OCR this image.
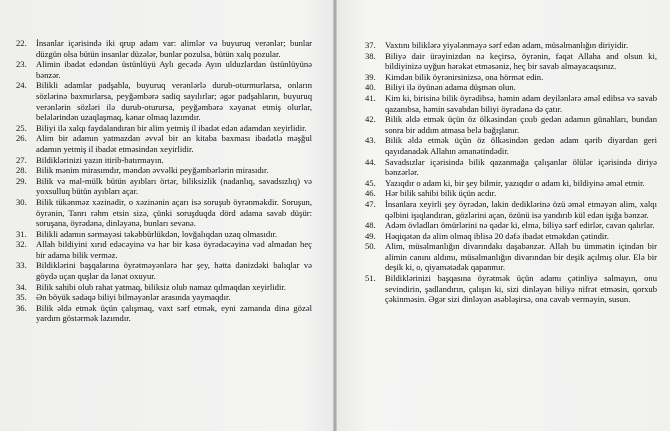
22. İnsanlar içərisində iki qrup adam var: alimlər və buyuruq verənlər; bunlar düzgün olsa bütün insanlar düzələr, bunlar pozulsa, bütün xalq pozular.

23. Alimin ibadət edəndən üstünlüyü Aylı gecədə Ayın ulduzlardan üstünlüyünə bənzər.

24. Bilikli adamlar padşahla, buyuruq verənlərlə durub-oturmurlarsa, onların sözlərinə baxmırlarsa, peyğəmbərə sadiq sayılırlar; əgər padşahların, buyuruq verənlərin sözləri ilə durub-oturursa, peyğəmbərə xəyanət etmiş olurlar, belələrindən uzaqlaşmaq, kənar olmaq lazımdır.

25. Biliyi ilə xalqı faydalandıran bir alim yetmiş il ibadət edən adamdan xeyirlidir.

26. Alim bir adamın yatmazdan əvvəl bir an kitaba baxması ibadətlə məşğul adamın yetmiş il ibadət etməsindən xeyirlidir.

27. Bildiklərinizi yazın itirib-batırmayın.

28. Bilik mənim mirasımdır, məndən əvvəlki peyğəmbərlərin mirasıdır.

29. Bilik və mal-mülk bütün ayıbları örtər, biliksizlik (nadanlıq, savadsızlıq) və yoxsulluq bütün ayıbları açar.

30. Bilik tükənməz xəzinədir, o xəzinənin açarı isə soruşub öyrənməkdir. Soruşun, öyrənin, Tanrı rəhm etsin sizə, çünki soruşduqda dörd adama savab düşür: soruşana, öyrədənə, dinləyənə, bunları sevənə.

31. Bilikli adamın sərmayəsi təkəbbürlükdən, lovğalıqdan uzaq olmasıdır.

32. Allah bildiyini xırıd edəcəyinə və hər bir kəsə öyrədəcəyinə vəd almadan heç bir adama bilik verməz.

33. Bildiklərini başqalarına öyrətməyənlərə hər şey, hətta dənizdəki balıqlar və göydə uçan quşlar da lənət oxuyur.

34. Bilik sahibi olub rahat yatmaq, biliksiz olub namaz qılmaqdan xeyirlidir.

35. Ən böyük sədəqə biliyi bilməyənlər arasında yaymaqdır.

36. Bilik əldə etmək üçün çalışmaq, vaxt sərf etmək, eyni zamanda dinə gözəl yardım göstərmək lazımdır.

37. Vaxtını biliklərə yiyələnməyə sərf edən adam, müsəlmanlığın diriyidir.

38. Biliyə dair ürəyinizdən nə keçirsə, öyrənin, fəqət Allaha and olsun ki, bildiyinizə uyğun hərəkət etməsəniz, heç bir savab almayacaqsınız.

39. Kimdən bilik öyrənirsinizsə, ona hörmət edin.

40. Biliyi ilə öyünən adama düşmən olun.

41. Kim ki, birisinə bilik öyrədibsə, həmin adam deyilənlərə əməl edibsə və savab qazanıbsa, həmin savabdan biliyi öyrədənə də çatır.

42. Bilik əldə etmək üçün öz ölkəsindən çıxıb gedən adamın günahları, bundan sonra bir addım atmasa belə bağışlanır.

43. Bilik əldə etmək üçün öz ölkəsindən gedən adam qərib diyardan geri qayıdanadək Allahın əmanətindədir.

44. Savadsızlar içərisində bilik qazanmağa çalışanlar ölülər içərisində diriyə bənzərlər.

45. Yazıqdır o adam ki, bir şey bilmir, yazıqdır o adam ki, bildiyinə əməl etmir.

46. Hər bilik sahibi bilik üçün acdır.

47. İnsanlara xeyirli şey öyrədən, lakin dediklərinə özü əməl etməyən alim, xalqı qəlbini işıqlandıran, gözlərini açan, özünü isə yandırıb kül edən işığa bənzər.

48. Adəm övladları ömürlərini nə qədər ki, elmə, biliyə sərf edirlər, cavan qalırlar.

49. Həqiqətən də alim olmaq iblisə 20 dəfə ibadət etməkdən çətindir.

50. Alim, müsəlmanlığın divarındakı daşabənzər. Allah bu ümmətin içindən bir alimin canını aldımı, müsəlmanlığın divarından bir deşik açılmış olur. Elə bir deşik ki, o, qiyamətədək qapanmır.

51. Bildiklərinizi başqasına öyrətmək üçün adamı çətinliyə salmayın, onu sevindirin, şadlandırın, çalışın ki, sizi dinləyən biliyə nifrət etməsin, qorxub çəkinməsin. Əgər sizi dinləyən əsəbləşirsə, ona cavab verməyin, susun.
